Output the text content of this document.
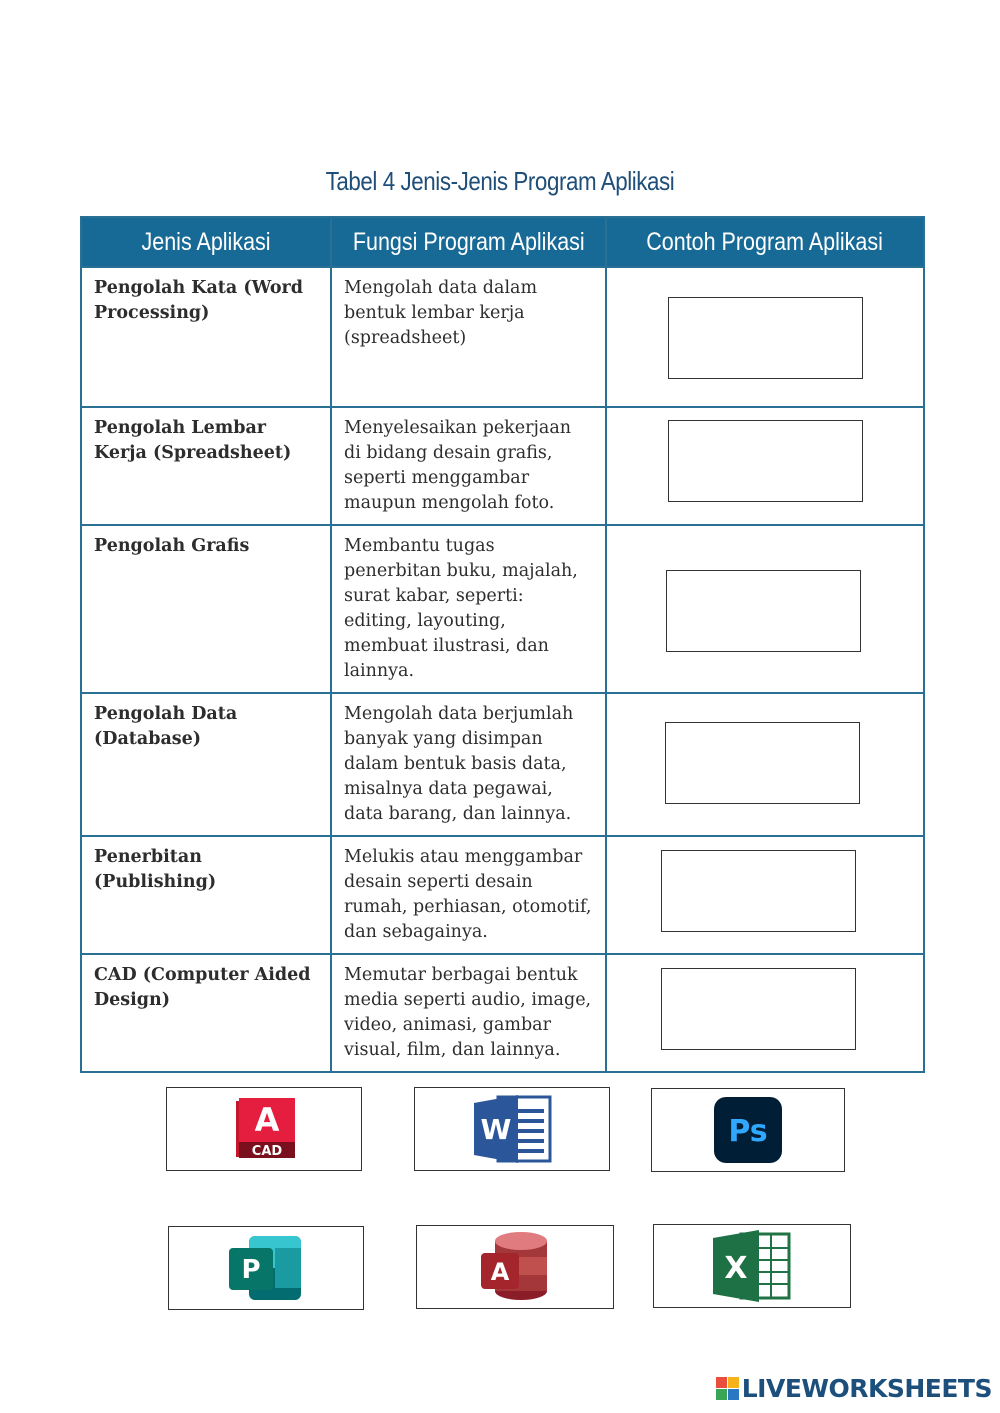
Tabel 4 Jenis-Jenis Program Aplikasi
Jenis Aplikasi	Fungsi Program Aplikasi	Contoh Program Aplikasi
Pengolah Kata (Word Processing)	Mengolah data dalam bentuk lembar kerja (spreadsheet)	

Pengolah Lembar Kerja (Spreadsheet)	Menyelesaikan pekerjaan di bidang desain grafis, seperti menggambar maupun mengolah foto.	

Pengolah Grafis	Membantu tugas penerbitan buku, majalah, surat kabar, seperti: editing, layouting, membuat ilustrasi, dan lainnya.	

Pengolah Data (Database)	Mengolah data berjumlah banyak yang disimpan dalam bentuk basis data, misalnya data pegawai, data barang, dan lainnya.	

Penerbitan (Publishing)	Melukis atau menggambar desain seperti desain rumah, perhiasan, otomotif, dan sebagainya.	

CAD (Computer Aided Design)	Memutar berbagai bentuk media seperti audio, image, video, animasi, gambar visual, film, dan lainnya.	
A
CAD
W	Ps
P	A	X
LIVEWORKSHEETS
